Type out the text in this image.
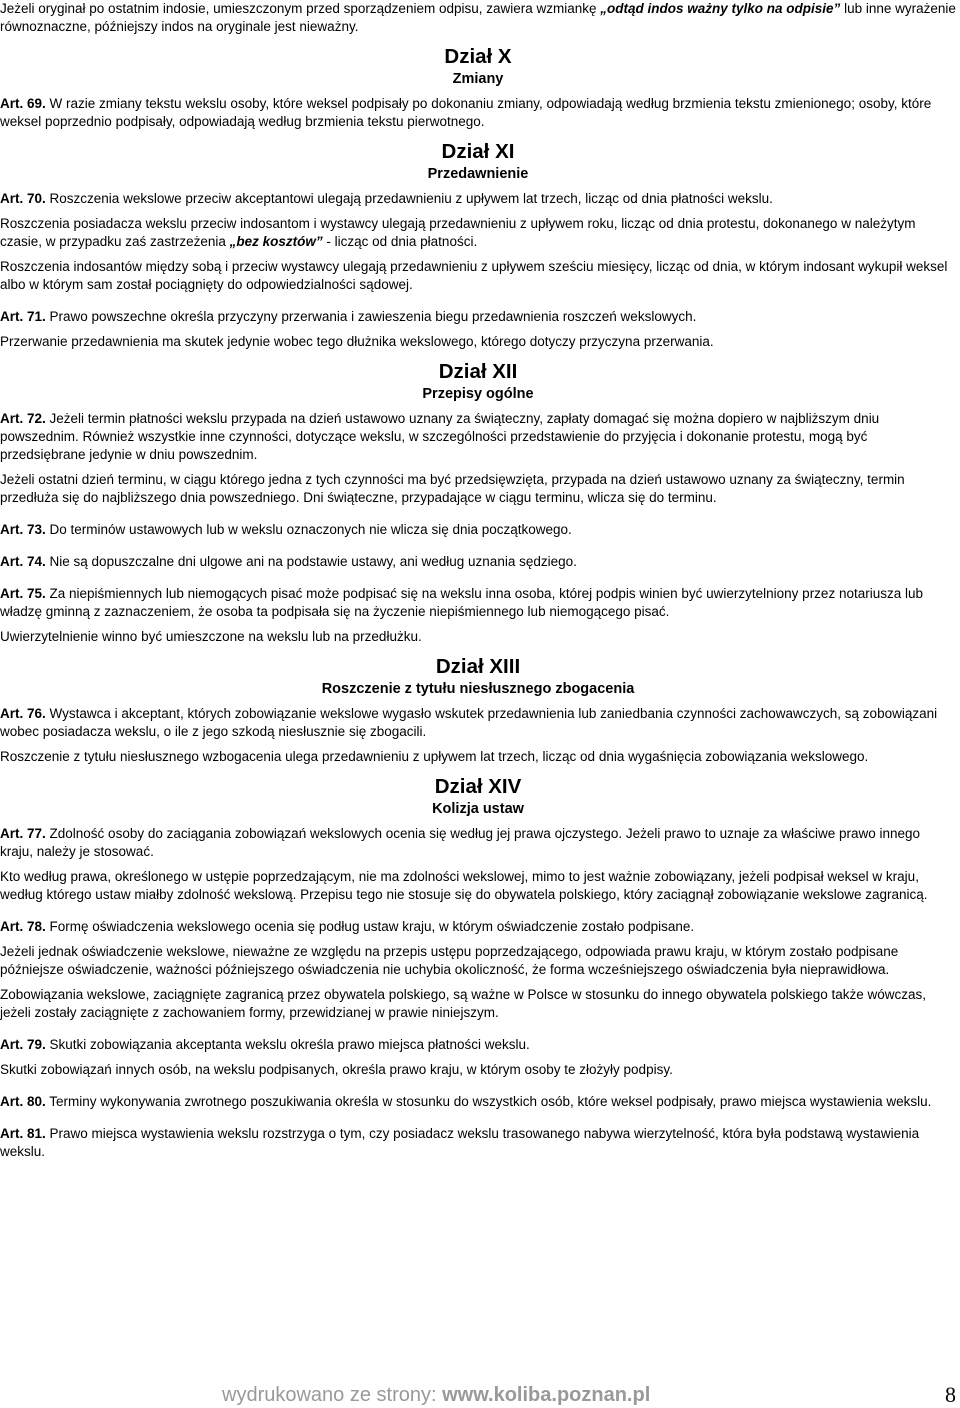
Jeżeli oryginał po ostatnim indosie, umieszczonym przed sporządzeniem odpisu, zawiera wzmiankę „odtąd indos ważny tylko na odpisie” lub inne wyrażenie równoznaczne, późniejszy indos na oryginale jest nieważny.

Dział X
Zmiany

Art. 69. W razie zmiany tekstu wekslu osoby, które weksel podpisały po dokonaniu zmiany, odpowiadają według brzmienia tekstu zmienionego; osoby, które weksel poprzednio podpisały, odpowiadają według brzmienia tekstu pierwotnego.

Dział XI
Przedawnienie

Art. 70. Roszczenia wekslowe przeciw akceptantowi ulegają przedawnieniu z upływem lat trzech, licząc od dnia płatności wekslu.

Roszczenia posiadacza wekslu przeciw indosantom i wystawcy ulegają przedawnieniu z upływem roku, licząc od dnia protestu, dokonanego w należytym czasie, w przypadku zaś zastrzeżenia „bez kosztów” - licząc od dnia płatności.

Roszczenia indosantów między sobą i przeciw wystawcy ulegają przedawnieniu z upływem sześciu miesięcy, licząc od dnia, w którym indosant wykupił weksel albo w którym sam został pociągnięty do odpowiedzialności sądowej.

Art. 71. Prawo powszechne określa przyczyny przerwania i zawieszenia biegu przedawnienia roszczeń wekslowych.

Przerwanie przedawnienia ma skutek jedynie wobec tego dłużnika wekslowego, którego dotyczy przyczyna przerwania.

Dział XII
Przepisy ogólne

Art. 72. Jeżeli termin płatności wekslu przypada na dzień ustawowo uznany za świąteczny, zapłaty domagać się można dopiero w najbliższym dniu powszednim. Również wszystkie inne czynności, dotyczące wekslu, w szczególności przedstawienie do przyjęcia i dokonanie protestu, mogą być przedsiębrane jedynie w dniu powszednim.

Jeżeli ostatni dzień terminu, w ciągu którego jedna z tych czynności ma być przedsięwzięta, przypada na dzień ustawowo uznany za świąteczny, termin przedłuża się do najbliższego dnia powszedniego. Dni świąteczne, przypadające w ciągu terminu, wlicza się do terminu.

Art. 73. Do terminów ustawowych lub w wekslu oznaczonych nie wlicza się dnia początkowego.

Art. 74. Nie są dopuszczalne dni ulgowe ani na podstawie ustawy, ani według uznania sędziego.

Art. 75. Za niepiśmiennych lub niemogących pisać może podpisać się na wekslu inna osoba, której podpis winien być uwierzytelniony przez notariusza lub władzę gminną z zaznaczeniem, że osoba ta podpisała się na życzenie niepiśmiennego lub niemogącego pisać.

Uwierzytelnienie winno być umieszczone na wekslu lub na przedłużku.

Dział XIII
Roszczenie z tytułu niesłusznego zbogacenia

Art. 76. Wystawca i akceptant, których zobowiązanie wekslowe wygasło wskutek przedawnienia lub zaniedbania czynności zachowawczych, są zobowiązani wobec posiadacza wekslu, o ile z jego szkodą niesłusznie się zbogacili.

Roszczenie z tytułu niesłusznego wzbogacenia ulega przedawnieniu z upływem lat trzech, licząc od dnia wygaśnięcia zobowiązania wekslowego.

Dział XIV
Kolizja ustaw

Art. 77. Zdolność osoby do zaciągania zobowiązań wekslowych ocenia się według jej prawa ojczystego. Jeżeli prawo to uznaje za właściwe prawo innego kraju, należy je stosować.

Kto według prawa, określonego w ustępie poprzedzającym, nie ma zdolności wekslowej, mimo to jest ważnie zobowiązany, jeżeli podpisał weksel w kraju, według którego ustaw miałby zdolność wekslową. Przepisu tego nie stosuje się do obywatela polskiego, który zaciągnął zobowiązanie wekslowe zagranicą.

Art. 78. Formę oświadczenia wekslowego ocenia się podług ustaw kraju, w którym oświadczenie zostało podpisane.

Jeżeli jednak oświadczenie wekslowe, nieważne ze względu na przepis ustępu poprzedzającego, odpowiada prawu kraju, w którym zostało podpisane późniejsze oświadczenie, ważności późniejszego oświadczenia nie uchybia okoliczność, że forma wcześniejszego oświadczenia była nieprawidłowa.

Zobowiązania wekslowe, zaciągnięte zagranicą przez obywatela polskiego, są ważne w Polsce w stosunku do innego obywatela polskiego także wówczas, jeżeli zostały zaciągnięte z zachowaniem formy, przewidzianej w prawie niniejszym.

Art. 79. Skutki zobowiązania akceptanta wekslu określa prawo miejsca płatności wekslu.

Skutki zobowiązań innych osób, na wekslu podpisanych, określa prawo kraju, w którym osoby te złożyły podpisy.

Art. 80. Terminy wykonywania zwrotnego poszukiwania określa w stosunku do wszystkich osób, które weksel podpisały, prawo miejsca wystawienia wekslu.

Art. 81. Prawo miejsca wystawienia wekslu rozstrzyga o tym, czy posiadacz wekslu trasowanego nabywa wierzytelność, która była podstawą wystawienia wekslu.

wydrukowano ze strony: www.koliba.poznan.pl	8
